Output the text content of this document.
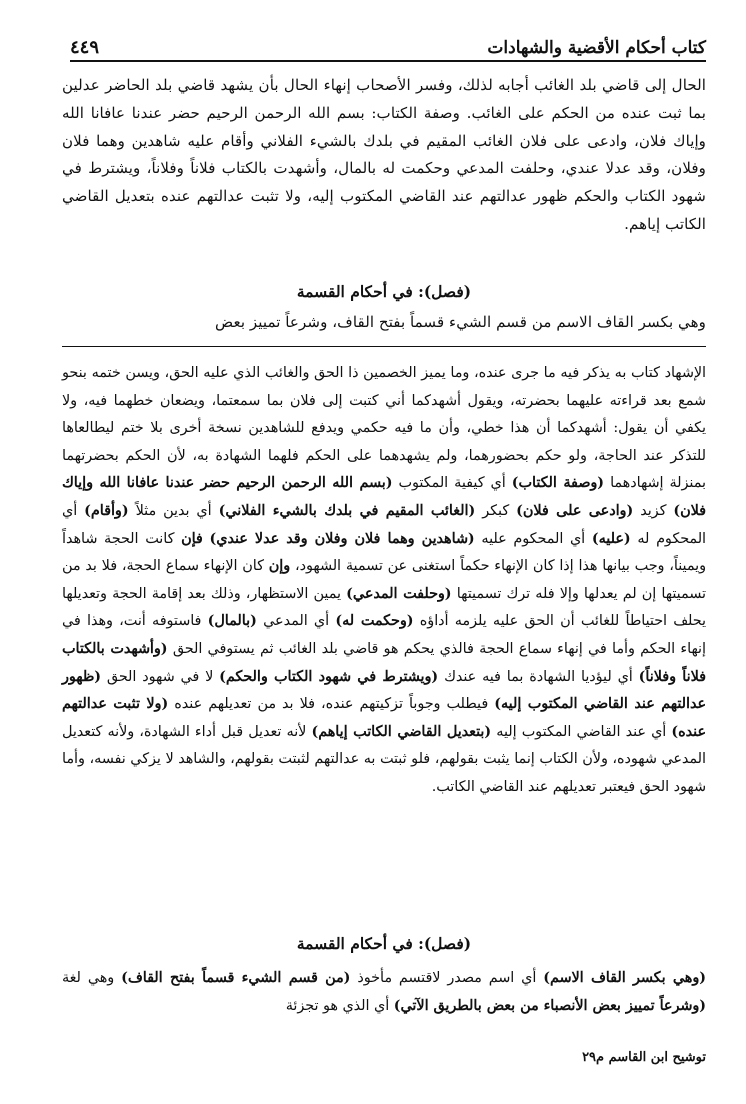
٤٤٩	كتاب أحكام الأقضية والشهادات

الحال إلى قاضي بلد الغائب أجابه لذلك، وفسر الأصحاب إنهاء الحال بأن يشهد قاضي بلد الحاضر عدلين بما ثبت عنده من الحكم على الغائب. وصفة الكتاب: بسم الله الرحمن الرحيم حضر عندنا عافانا الله وإياك فلان، وادعى على فلان الغائب المقيم في بلدك بالشيء الفلاني وأقام عليه شاهدين وهما فلان وفلان، وقد عدلا عندي، وحلفت المدعي وحكمت له بالمال، وأشهدت بالكتاب فلاناً وفلاناً، ويشترط في شهود الكتاب والحكم ظهور عدالتهم عند القاضي المكتوب إليه، ولا تثبت عدالتهم عنده بتعديل القاضي الكاتب إياهم.

(فصل): في أحكام القسمة

وهي بكسر القاف الاسم من قسم الشيء قسماً بفتح القاف، وشرعاً تمييز بعض

الإشهاد كتاب به يذكر فيه ما جرى عنده، وما يميز الخصمين ذا الحق والغائب الذي عليه الحق، ويسن ختمه بنحو شمع بعد قراءته عليهما بحضرته، ويقول أشهدكما أني كتبت إلى فلان بما سمعتما، ويضعان خطهما فيه، ولا يكفي أن يقول: أشهدكما أن هذا خطي، وأن ما فيه حكمي ويدفع للشاهدين نسخة أخرى بلا ختم ليطالعاها للتذكر عند الحاجة، ولو حكم بحضورهما، ولم يشهدهما على الحكم فلهما الشهادة به، لأن الحكم بحضرتهما بمنزلة إشهادهما (وصفة الكتاب) أي كيفية المكتوب (بسم الله الرحمن الرحيم حضر عندنا عافانا الله وإياك فلان) كزيد (وادعى على فلان) كبكر (الغائب المقيم في بلدك بالشيء الفلاني) أي بدين مثلاً (وأقام) أي المحكوم له (عليه) أي المحكوم عليه (شاهدين وهما فلان وفلان وقد عدلا عندي) فإن كانت الحجة شاهداً ويميناً، وجب بيانها هذا إذا كان الإنهاء حكماً استغنى عن تسمية الشهود، وإن كان الإنهاء سماع الحجة، فلا بد من تسميتها إن لم يعدلها وإلا فله ترك تسميتها (وحلفت المدعي) يمين الاستظهار، وذلك بعد إقامة الحجة وتعديلها يحلف احتياطاً للغائب أن الحق عليه يلزمه أداؤه (وحكمت له) أي المدعي (بالمال) فاستوفه أنت، وهذا في إنهاء الحكم وأما في إنهاء سماع الحجة فالذي يحكم هو قاضي بلد الغائب ثم يستوفي الحق (وأشهدت بالكتاب فلاناً وفلاناً) أي ليؤديا الشهادة بما فيه عندك (ويشترط في شهود الكتاب والحكم) لا في شهود الحق (ظهور عدالتهم عند القاضي المكتوب إليه) فيطلب وجوباً تزكيتهم عنده، فلا بد من تعديلهم عنده (ولا تثبت عدالتهم عنده) أي عند القاضي المكتوب إليه (بتعديل القاضي الكاتب إياهم) لأنه تعديل قبل أداء الشهادة، ولأنه كتعديل المدعي شهوده، ولأن الكتاب إنما يثبت بقولهم، فلو ثبتت به عدالتهم لثبتت بقولهم، والشاهد لا يزكي نفسه، وأما شهود الحق فيعتبر تعديلهم عند القاضي الكاتب.

(فصل): في أحكام القسمة

(وهي بكسر القاف الاسم) أي اسم مصدر لاقتسم مأخوذ (من قسم الشيء قسماً بفتح القاف) وهي لغة (وشرعاً تمييز بعض الأنصباء من بعض بالطريق الآتي) أي الذي هو تجزئة

توشيح ابن القاسم م٢٩
